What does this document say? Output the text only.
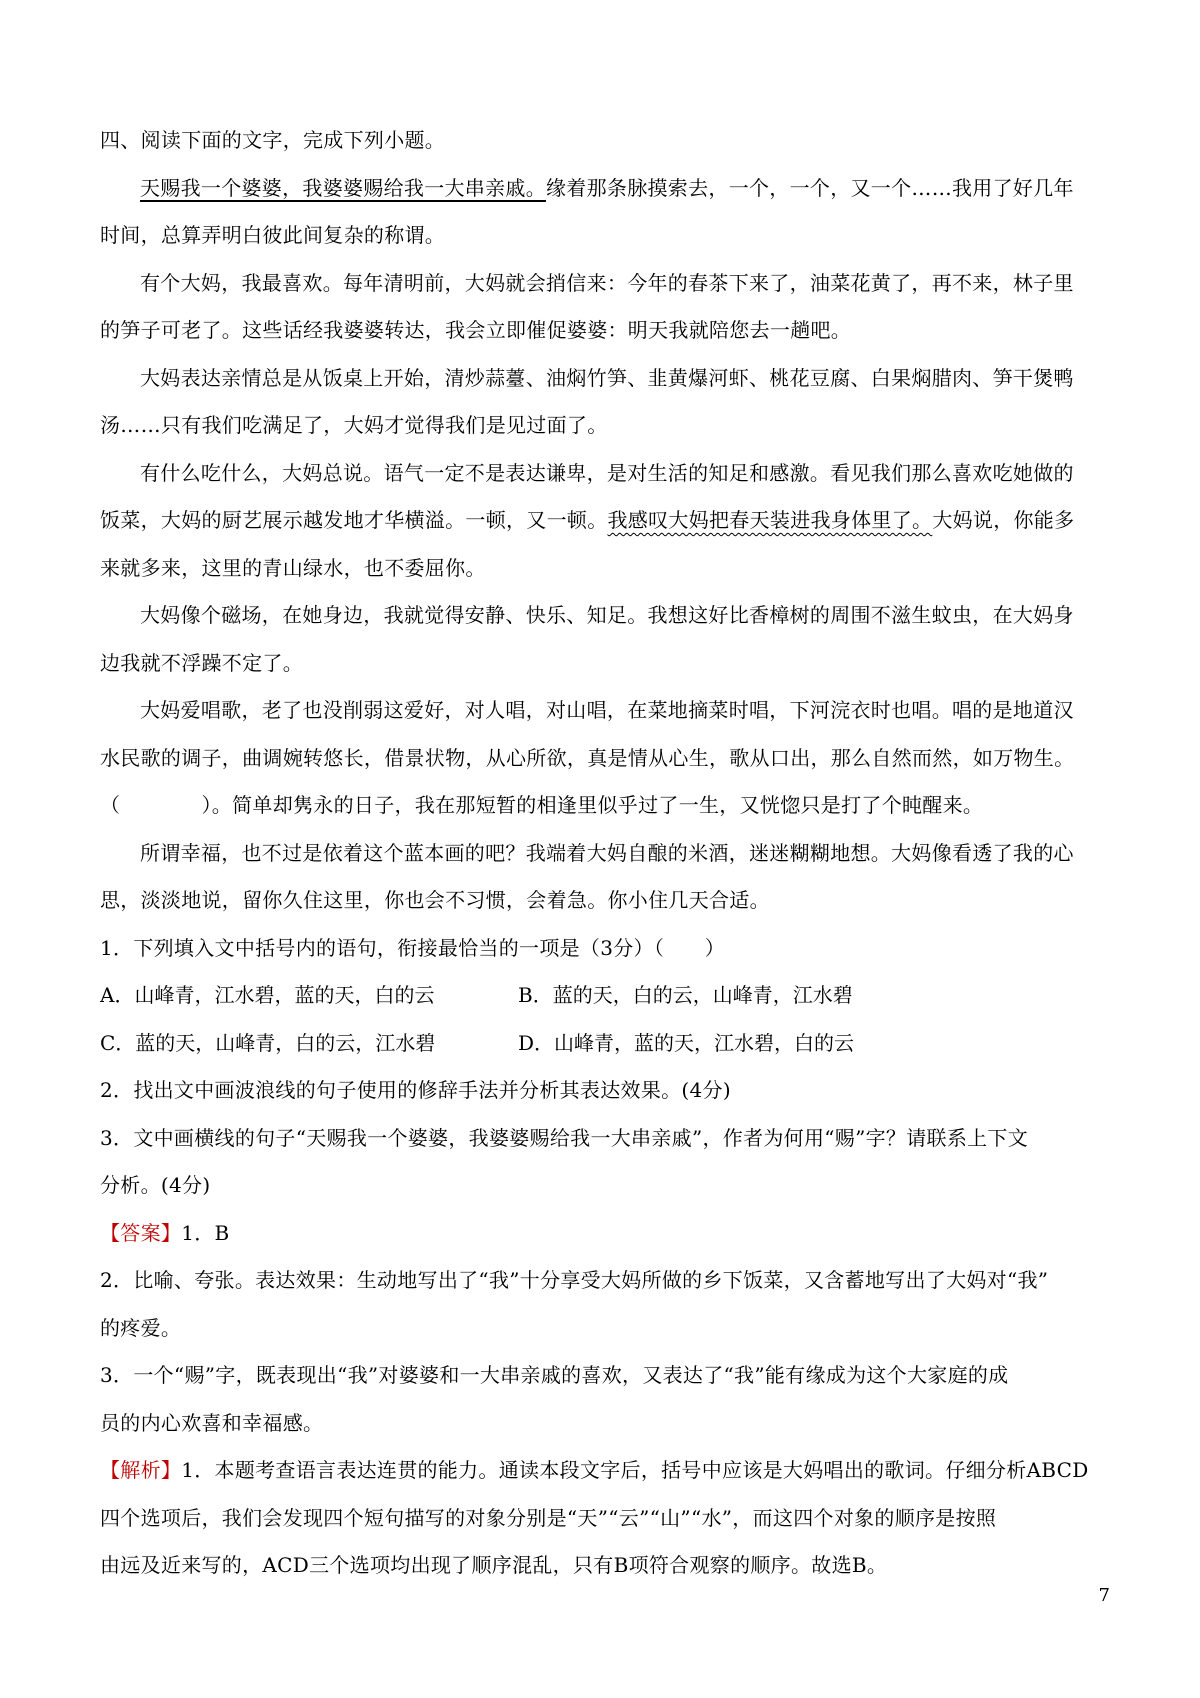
四、阅读下面的文字，完成下列小题。
天赐我一个婆婆，我婆婆赐给我一大串亲戚。缘着那条脉摸索去，一个，一个，又一个……我用了好几年
时间，总算弄明白彼此间复杂的称谓。
有个大妈，我最喜欢。每年清明前，大妈就会捎信来：今年的春茶下来了，油菜花黄了，再不来，林子里
的笋子可老了。这些话经我婆婆转达，我会立即催促婆婆：明天我就陪您去一趟吧。
大妈表达亲情总是从饭桌上开始，清炒蒜薹、油焖竹笋、韭黄爆河虾、桃花豆腐、白果焖腊肉、笋干煲鸭
汤……只有我们吃满足了，大妈才觉得我们是见过面了。
有什么吃什么，大妈总说。语气一定不是表达谦卑，是对生活的知足和感激。看见我们那么喜欢吃她做的
饭菜，大妈的厨艺展示越发地才华横溢。一顿，又一顿。我感叹大妈把春天装进我身体里了。大妈说，你能多
来就多来，这里的青山绿水，也不委屈你。
大妈像个磁场，在她身边，我就觉得安静、快乐、知足。我想这好比香樟树的周围不滋生蚊虫，在大妈身
边我就不浮躁不定了。
大妈爱唱歌，老了也没削弱这爱好，对人唱，对山唱，在菜地摘菜时唱，下河浣衣时也唱。唱的是地道汉
水民歌的调子，曲调婉转悠长，借景状物，从心所欲，真是情从心生，歌从口出，那么自然而然，如万物生。
（　　　　）。简单却隽永的日子，我在那短暂的相逢里似乎过了一生，又恍惚只是打了个盹醒来。
所谓幸福，也不过是依着这个蓝本画的吧？我端着大妈自酿的米酒，迷迷糊糊地想。大妈像看透了我的心
思，淡淡地说，留你久住这里，你也会不习惯，会着急。你小住几天合适。
1．下列填入文中括号内的语句，衔接最恰当的一项是（3分）（　　）
A．山峰青，江水碧，蓝的天，白的云	B．蓝的天，白的云，山峰青，江水碧
C．蓝的天，山峰青，白的云，江水碧	D．山峰青，蓝的天，江水碧，白的云
2．找出文中画波浪线的句子使用的修辞手法并分析其表达效果。(4分)
3．文中画横线的句子“天赐我一个婆婆，我婆婆赐给我一大串亲戚”，作者为何用“赐”字？请联系上下文
分析。(4分)
【答案】1．B
2．比喻、夸张。表达效果：生动地写出了“我”十分享受大妈所做的乡下饭菜，又含蓄地写出了大妈对“我”
的疼爱。
3．一个“赐”字，既表现出“我”对婆婆和一大串亲戚的喜欢，又表达了“我”能有缘成为这个大家庭的成
员的内心欢喜和幸福感。
【解析】1．本题考查语言表达连贯的能力。通读本段文字后，括号中应该是大妈唱出的歌词。仔细分析ABCD
四个选项后，我们会发现四个短句描写的对象分别是“天”“云”“山”“水”，而这四个对象的顺序是按照
由远及近来写的，ACD三个选项均出现了顺序混乱，只有B项符合观察的顺序。故选B。
7
